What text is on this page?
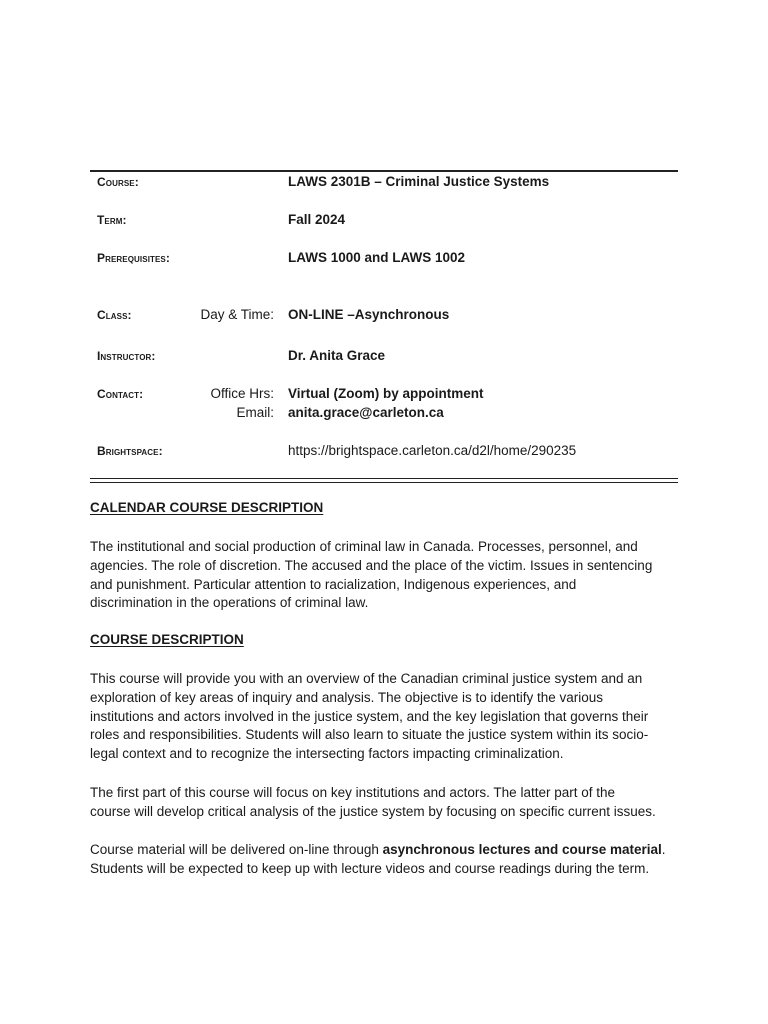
Course:	LAWS 2301B – Criminal Justice Systems
Term:	Fall 2024
Prerequisites:	LAWS 1000 and LAWS 1002
Class:	Day & Time: ON-LINE –Asynchronous
Instructor:	Dr. Anita Grace
Contact:	Office Hrs: Virtual (Zoom) by appointment
Email: anita.grace@carleton.ca
Brightspace:	https://brightspace.carleton.ca/d2l/home/290235
CALENDAR COURSE DESCRIPTION
The institutional and social production of criminal law in Canada. Processes, personnel, and
agencies. The role of discretion. The accused and the place of the victim. Issues in sentencing
and punishment. Particular attention to racialization, Indigenous experiences, and
discrimination in the operations of criminal law.
COURSE DESCRIPTION
This course will provide you with an overview of the Canadian criminal justice system and an
exploration of key areas of inquiry and analysis. The objective is to identify the various
institutions and actors involved in the justice system, and the key legislation that governs their
roles and responsibilities. Students will also learn to situate the justice system within its socio-
legal context and to recognize the intersecting factors impacting criminalization.
The first part of this course will focus on key institutions and actors. The latter part of the
course will develop critical analysis of the justice system by focusing on specific current issues.
Course material will be delivered on-line through asynchronous lectures and course material.
Students will be expected to keep up with lecture videos and course readings during the term.
